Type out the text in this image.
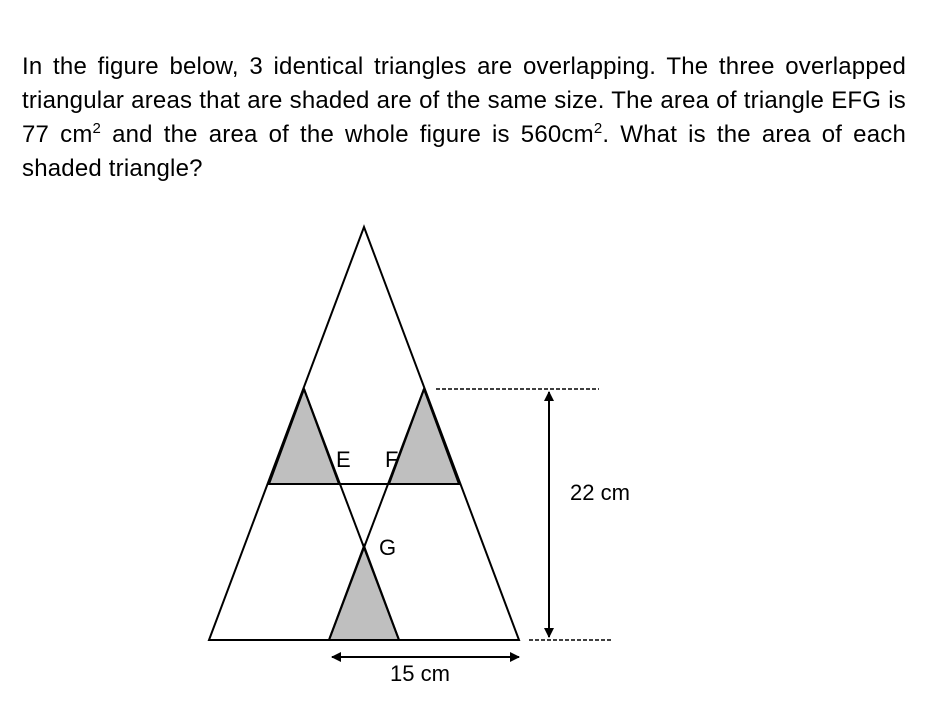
In the figure below, 3 identical triangles are overlapping. The three overlapped triangular areas that are shaded are of the same size. The area of triangle EFG is 77 $cm^2$ and the area of the whole figure is $560cm^2$. What is the area of each shaded triangle?

E F
G
22 cm
15 cm
